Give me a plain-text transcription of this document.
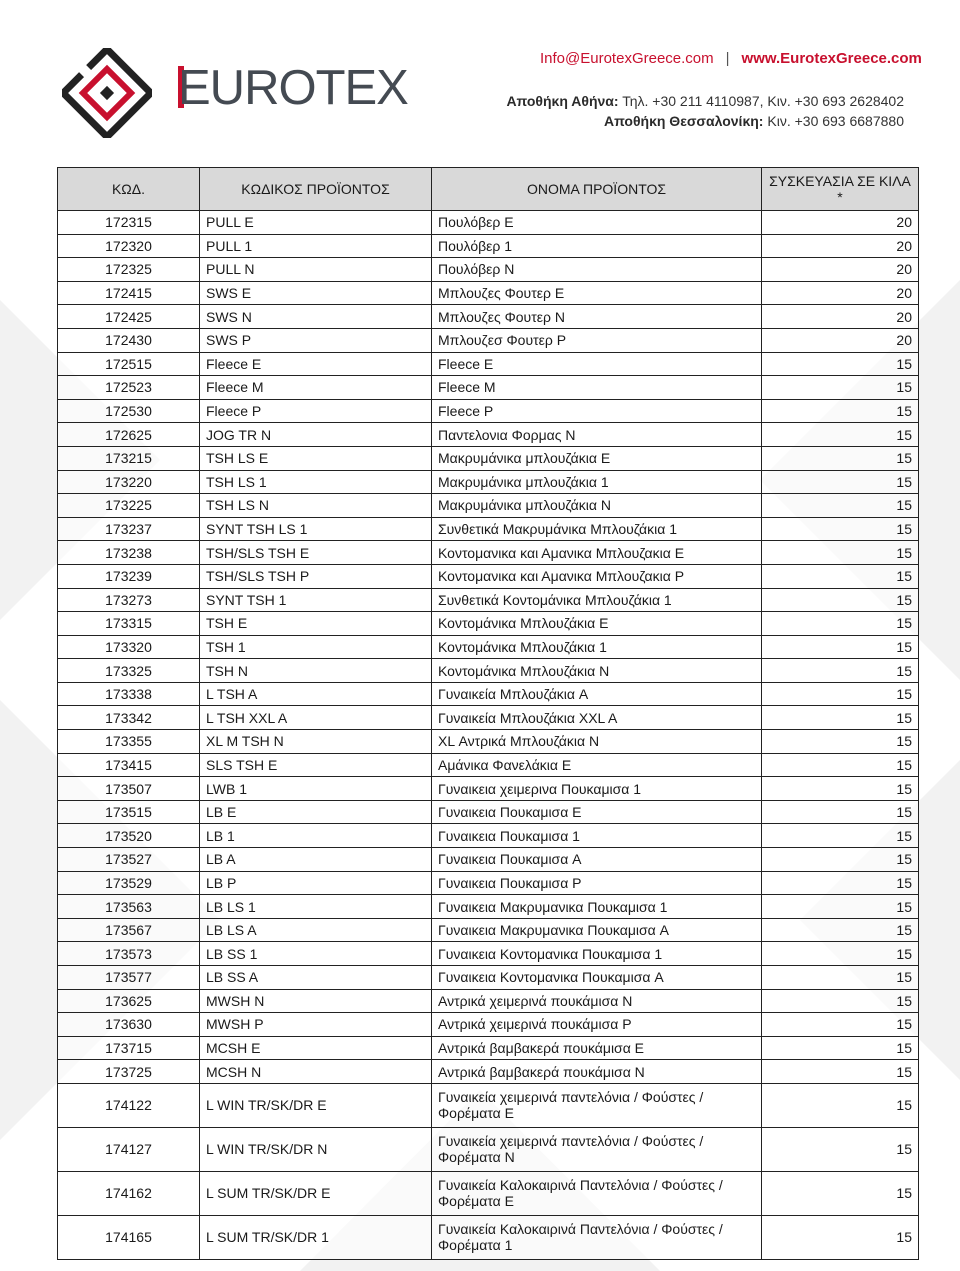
EUROTEX
Info@EurotexGreece.com | www.EurotexGreece.com
Αποθήκη Αθήνα: Τηλ. +30 211 4110987, Κιν. +30 693 2628402
Αποθήκη Θεσσαλονίκη: Κιν. +30 693 6687880
ΚΩΔ.	ΚΩΔΙΚΟΣ ΠΡΟΪΟΝΤΟΣ	ΟΝΟΜΑ ΠΡΟΪΟΝΤΟΣ	ΣΥΣΚΕΥΑΣΙΑ ΣΕ ΚΙΛΑ *
172315	PULL E	Πουλόβερ E	20
172320	PULL 1	Πουλόβερ 1	20
172325	PULL N	Πουλόβερ N	20
172415	SWS E	Μπλουζες Φουτερ E	20
172425	SWS N	Μπλουζες Φουτερ N	20
172430	SWS P	Μπλουζεσ Φουτερ P	20
172515	Fleece E	Fleece E	15
172523	Fleece M	Fleece M	15
172530	Fleece P	Fleece P	15
172625	JOG TR N	Παντελονια Φορμας N	15
173215	TSH LS E	Μακρυμάνικα μπλουζάκια Ε	15
173220	TSH LS 1	Μακρυμάνικα μπλουζάκια 1	15
173225	TSH LS N	Μακρυμάνικα μπλουζάκια N	15
173237	SYNT TSH LS 1	Συνθετικά Μακρυμάνικα Μπλουζάκια 1	15
173238	TSH/SLS TSH E	Κοντομανικα και Αμανικα Μπλουζακια E	15
173239	TSH/SLS TSH P	Κοντομανικα και Αμανικα Μπλουζακια P	15
173273	SYNT TSH 1	Συνθετικά Κοντομάνικα Μπλουζάκια 1	15
173315	TSH E	Κοντομάνικα Μπλουζάκια E	15
173320	TSH 1	Κοντομάνικα Μπλουζάκια 1	15
173325	TSH N	Κοντομάνικα Μπλουζάκια N	15
173338	L TSH A	Γυναικεία Μπλουζάκια A	15
173342	L TSH XXL A	Γυναικεία Μπλουζάκια XXL A	15
173355	XL M TSH N	XL Αντρικά Μπλουζάκια N	15
173415	SLS TSH E	Αμάνικα Φανελάκια E	15
173507	LWB 1	Γυναικεια χειμερινα Πουκαμισα 1	15
173515	LB E	Γυναικεια Πουκαμισα E	15
173520	LB 1	Γυναικεια Πουκαμισα 1	15
173527	LB A	Γυναικεια Πουκαμισα A	15
173529	LB P	Γυναικεια Πουκαμισα P	15
173563	LB LS 1	Γυναικεια Μακρυμανικα Πουκαμισα 1	15
173567	LB LS A	Γυναικεια Μακρυμανικα Πουκαμισα A	15
173573	LB SS 1	Γυναικεια Κοντομανικα Πουκαμισα 1	15
173577	LB SS A	Γυναικεια Κοντομανικα Πουκαμισα A	15
173625	MWSH N	Αντρικά χειμερινά πουκάμισα N	15
173630	MWSH P	Αντρικά χειμερινά πουκάμισα P	15
173715	MCSH E	Αντρικά βαμβακερά πουκάμισα E	15
173725	MCSH N	Αντρικά βαμβακερά πουκάμισα N	15
174122	L WIN TR/SK/DR E	Γυναικεία χειμερινά παντελόνια / Φούστες / Φορέματα E	15
174127	L WIN TR/SK/DR N	Γυναικεία χειμερινά παντελόνια / Φούστες / Φορέματα N	15
174162	L SUM TR/SK/DR E	Γυναικεία Καλοκαιρινά Παντελόνια / Φούστες / Φορέματα E	15
174165	L SUM TR/SK/DR 1	Γυναικεία Καλοκαιρινά Παντελόνια / Φούστες / Φορέματα 1	15
